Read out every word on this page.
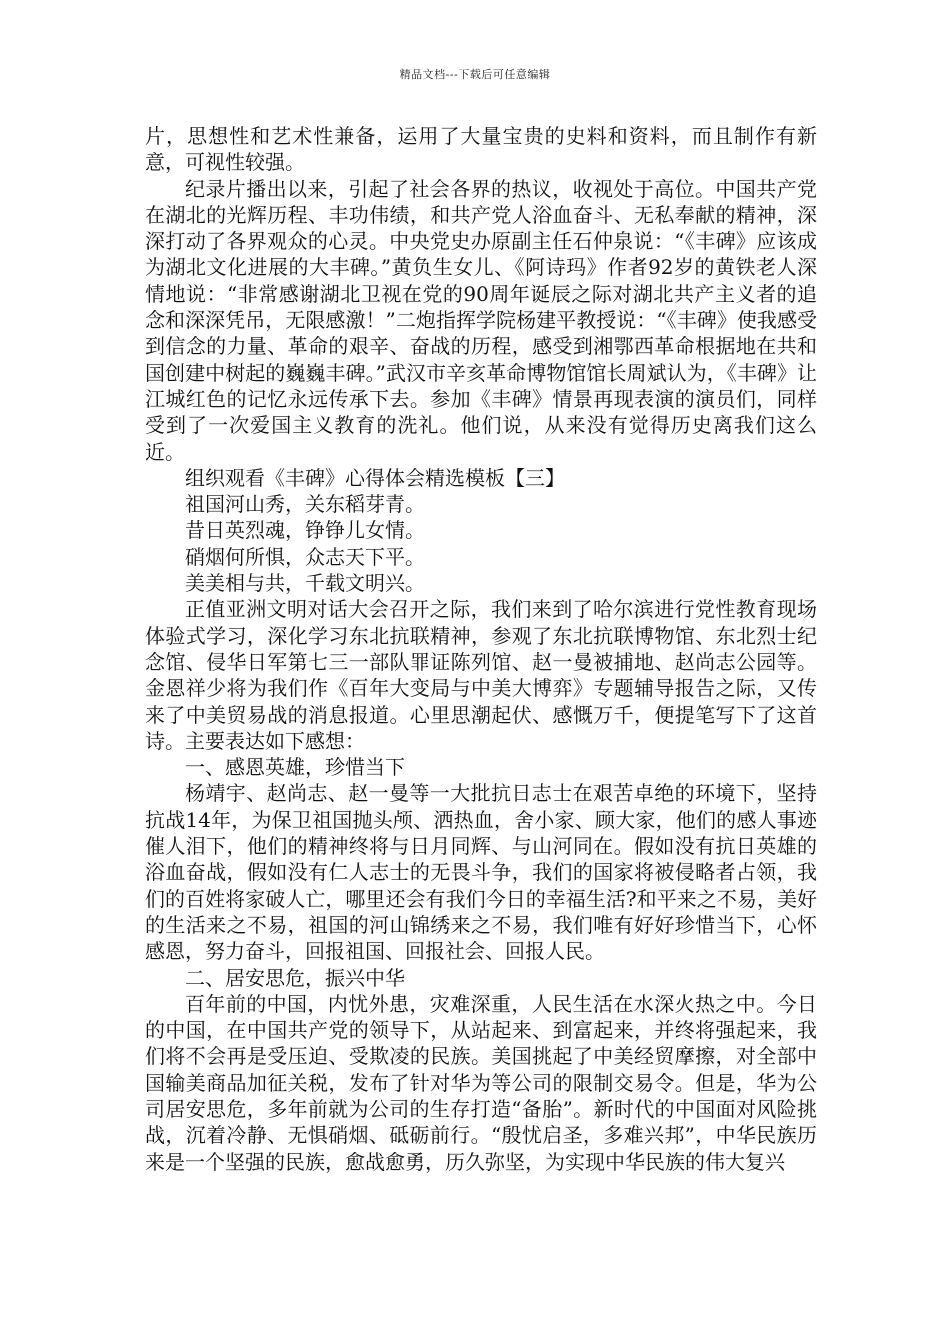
精品文档---下载后可任意编辑

片，思想性和艺术性兼备，运用了大量宝贵的史料和资料，而且制作有新意，可视性较强。

纪录片播出以来，引起了社会各界的热议，收视处于高位。中国共产党在湖北的光辉历程、丰功伟绩，和共产党人浴血奋斗、无私奉献的精神，深深打动了各界观众的心灵。中央党史办原副主任石仲泉说：“《丰碑》应该成为湖北文化进展的大丰碑。”黄负生女儿、《阿诗玛》作者92岁的黄铁老人深情地说：“非常感谢湖北卫视在党的90周年诞辰之际对湖北共产主义者的追念和深深凭吊，无限感激！”二炮指挥学院杨建平教授说：“《丰碑》使我感受到信念的力量、革命的艰辛、奋战的历程，感受到湘鄂西革命根据地在共和国创建中树起的巍巍丰碑。”武汉市辛亥革命博物馆馆长周斌认为，《丰碑》让江城红色的记忆永远传承下去。参加《丰碑》情景再现表演的演员们，同样受到了一次爱国主义教育的洗礼。他们说，从来没有觉得历史离我们这么近。

组织观看《丰碑》心得体会精选模板【三】

祖国河山秀，关东稻芽青。

昔日英烈魂，铮铮儿女情。

硝烟何所惧，众志天下平。

美美相与共，千载文明兴。

正值亚洲文明对话大会召开之际，我们来到了哈尔滨进行党性教育现场体验式学习，深化学习东北抗联精神，参观了东北抗联博物馆、东北烈士纪念馆、侵华日军第七三一部队罪证陈列馆、赵一曼被捕地、赵尚志公园等。金恩祥少将为我们作《百年大变局与中美大博弈》专题辅导报告之际，又传来了中美贸易战的消息报道。心里思潮起伏、感慨万千，便提笔写下了这首诗。主要表达如下感想：

一、感恩英雄，珍惜当下

杨靖宇、赵尚志、赵一曼等一大批抗日志士在艰苦卓绝的环境下，坚持抗战14年，为保卫祖国抛头颅、洒热血，舍小家、顾大家，他们的感人事迹催人泪下，他们的精神终将与日月同辉、与山河同在。假如没有抗日英雄的浴血奋战，假如没有仁人志士的无畏斗争，我们的国家将被侵略者占领，我们的百姓将家破人亡，哪里还会有我们今日的幸福生活?和平来之不易，美好的生活来之不易，祖国的河山锦绣来之不易，我们唯有好好珍惜当下，心怀感恩，努力奋斗，回报祖国、回报社会、回报人民。

二、居安思危，振兴中华

百年前的中国，内忧外患，灾难深重，人民生活在水深火热之中。今日的中国，在中国共产党的领导下，从站起来、到富起来，并终将强起来，我们将不会再是受压迫、受欺凌的民族。美国挑起了中美经贸摩擦，对全部中国输美商品加征关税，发布了针对华为等公司的限制交易令。但是，华为公司居安思危，多年前就为公司的生存打造“备胎”。新时代的中国面对风险挑战，沉着冷静、无惧硝烟、砥砺前行。“殷忧启圣，多难兴邦”，中华民族历来是一个坚强的民族，愈战愈勇，历久弥坚，为实现中华民族的伟大复兴
